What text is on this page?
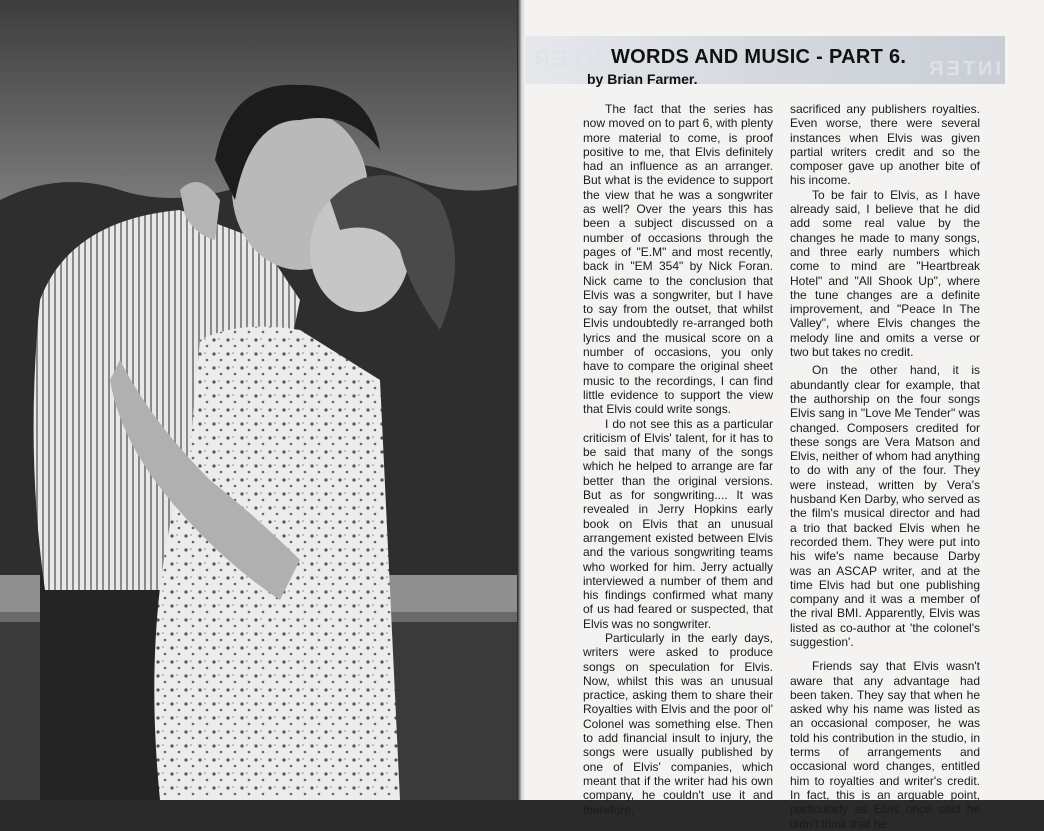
INTER	INTER
WORDS AND MUSIC - PART 6.

by Brian Farmer.

The fact that the series has now moved on to part 6, with plenty more material to come, is proof positive to me, that Elvis definitely had an influence as an arranger. But what is the evidence to support the view that he was a songwriter as well? Over the years this has been a subject discussed on a number of occasions through the pages of "E.M" and most recently, back in "EM 354" by Nick Foran. Nick came to the conclusion that Elvis was a songwriter, but I have to say from the outset, that whilst Elvis undoubtedly re-arranged both lyrics and the musical score on a number of occasions, you only have to compare the original sheet music to the recordings, I can find little evidence to support the view that Elvis could write songs.

I do not see this as a particular criticism of Elvis' talent, for it has to be said that many of the songs which he helped to arrange are far better than the original versions. But as for songwriting.... It was revealed in Jerry Hopkins early book on Elvis that an unusual arrangement existed between Elvis and the various songwriting teams who worked for him. Jerry actually interviewed a number of them and his findings confirmed what many of us had feared or suspected, that Elvis was no songwriter.

Particularly in the early days, writers were asked to produce songs on speculation for Elvis. Now, whilst this was an unusual practice, asking them to share their Royalties with Elvis and the poor ol' Colonel was something else. Then to add financial insult to injury, the songs were usually published by one of Elvis' companies, which meant that if the writer had his own company, he couldn't use it and therefore,

sacrificed any publishers royalties. Even worse, there were several instances when Elvis was given partial writers credit and so the composer gave up another bite of his income.

To be fair to Elvis, as I have already said, I believe that he did add some real value by the changes he made to many songs, and three early numbers which come to mind are "Heartbreak Hotel" and "All Shook Up", where the tune changes are a definite improvement, and "Peace In The Valley", where Elvis changes the melody line and omits a verse or two but takes no credit.

On the other hand, it is abundantly clear for example, that the authorship on the four songs Elvis sang in "Love Me Tender" was changed. Composers credited for these songs are Vera Matson and Elvis, neither of whom had anything to do with any of the four. They were instead, written by Vera's husband Ken Darby, who served as the film's musical director and had a trio that backed Elvis when he recorded them. They were put into his wife's name because Darby was an ASCAP writer, and at the time Elvis had but one publishing company and it was a member of the rival BMI. Apparently, Elvis was listed as co-author at 'the colonel's suggestion'.

Friends say that Elvis wasn't aware that any advantage had been taken. They say that when he asked why his name was listed as an occasional composer, he was told his contribution in the studio, in terms of arrangements and occasional word changes, entitled him to royalties and writer's credit. In fact, this is an arguable point, particularly as Elvis once said he didn't think that he
